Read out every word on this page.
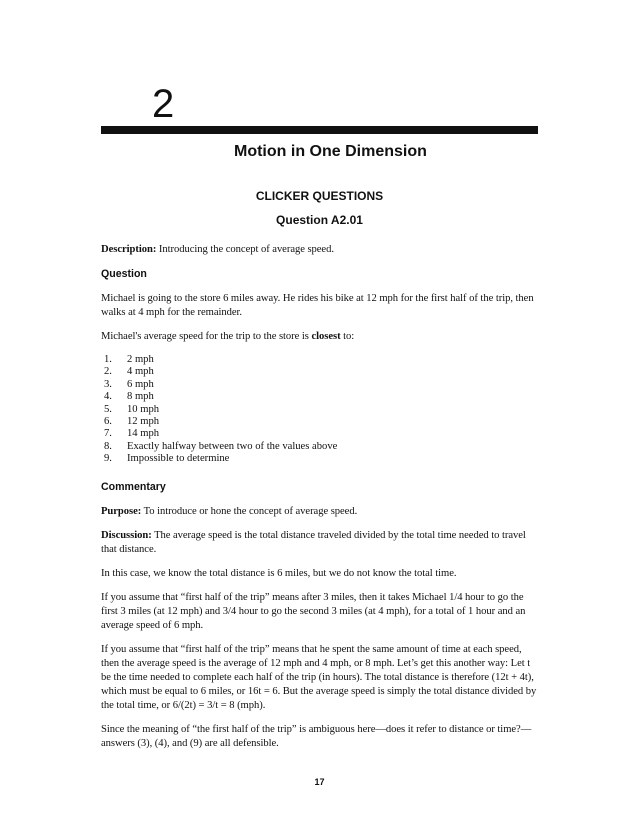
2
Motion in One Dimension
CLICKER QUESTIONS
Question A2.01

Description: Introducing the concept of average speed.

Question

Michael is going to the store 6 miles away. He rides his bike at 12 mph for the first half of the trip, then walks at 4 mph for the remainder.

Michael's average speed for the trip to the store is closest to:

1.	2 mph
2.	4 mph
3.	6 mph
4.	8 mph
5.	10 mph
6.	12 mph
7.	14 mph
8.	Exactly halfway between two of the values above
9.	Impossible to determine
Commentary

Purpose: To introduce or hone the concept of average speed.

Discussion: The average speed is the total distance traveled divided by the total time needed to travel that distance.

In this case, we know the total distance is 6 miles, but we do not know the total time.

If you assume that “first half of the trip” means after 3 miles, then it takes Michael 1/4 hour to go the first 3 miles (at 12 mph) and 3/4 hour to go the second 3 miles (at 4 mph), for a total of 1 hour and an average speed of 6 mph.

If you assume that “first half of the trip” means that he spent the same amount of time at each speed, then the average speed is the average of 12 mph and 4 mph, or 8 mph. Let’s get this another way: Let t be the time needed to complete each half of the trip (in hours). The total distance is therefore (12t + 4t), which must be equal to 6 miles, or 16t = 6. But the average speed is simply the total distance divided by the total time, or 6/(2t) = 3/t = 8 (mph).

Since the meaning of “the first half of the trip” is ambiguous here—does it refer to distance or time?—answers (3), (4), and (9) are all defensible.

17
